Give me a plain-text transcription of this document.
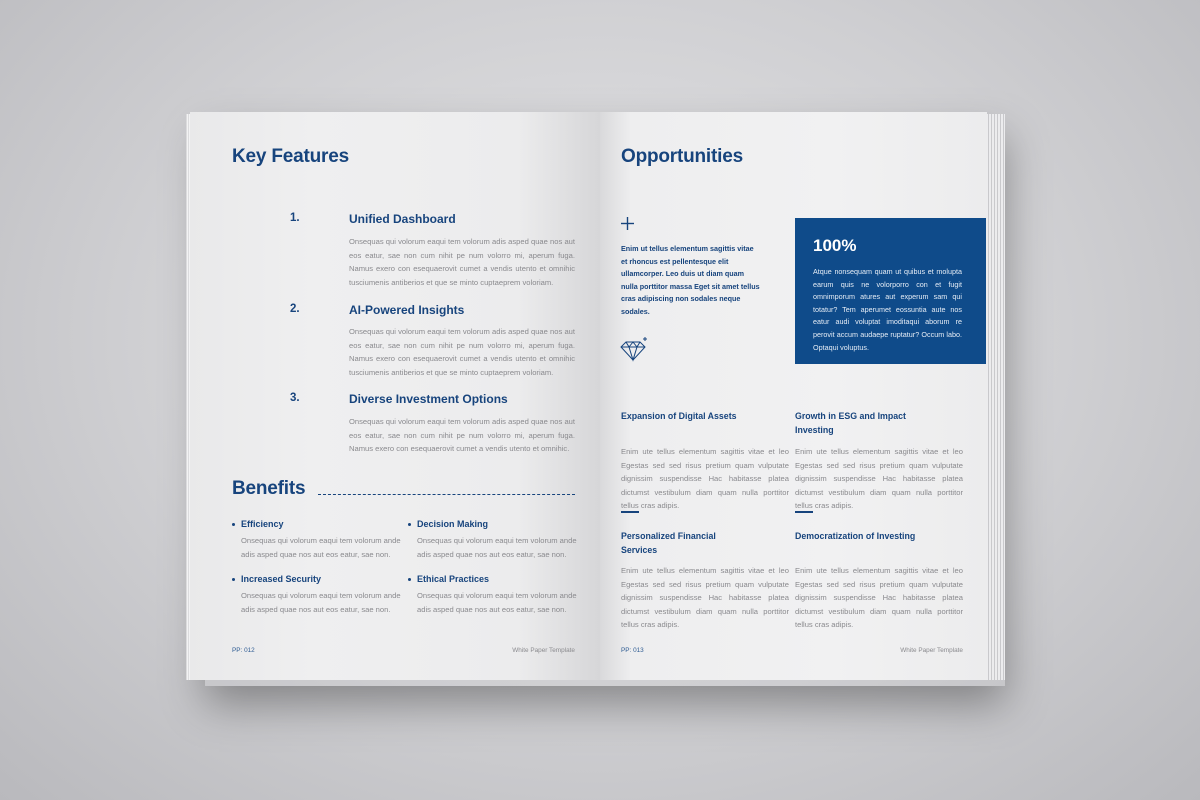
Key Features
1.	Unified Dashboard
Onsequas qui volorum eaqui tem volorum adis asped quae nos aut eos eatur, sae non cum nihit pe num volorro mi, aperum fuga. Namus exero con esequaerovit cumet a vendis utento et omnihic tusciumenis antiberios et que se minto cuptaeprem voloriam.
2.	AI-Powered Insights
Onsequas qui volorum eaqui tem volorum adis asped quae nos aut eos eatur, sae non cum nihit pe num volorro mi, aperum fuga. Namus exero con esequaerovit cumet a vendis utento et omnihic tusciumenis antiberios et que se minto cuptaeprem voloriam.
3.	Diverse Investment Options
Onsequas qui volorum eaqui tem volorum adis asped quae nos aut eos eatur, sae non cum nihit pe num volorro mi, aperum fuga. Namus exero con esequaerovit cumet a vendis utento et omnihic.
Benefits
Efficiency
Onsequas qui volorum eaqui tem volorum ande adis asped quae nos aut eos eatur, sae non.
Decision Making
Onsequas qui volorum eaqui tem volorum ande adis asped quae nos aut eos eatur, sae non.
Increased Security
Onsequas qui volorum eaqui tem volorum ande adis asped quae nos aut eos eatur, sae non.
Ethical Practices
Onsequas qui volorum eaqui tem volorum ande adis asped quae nos aut eos eatur, sae non.
PP: 012	White Paper Template
Opportunities
Enim ut tellus elementum sagittis vitae et rhoncus est pellentesque elit ullamcorper. Leo duis ut diam quam nulla porttitor massa Eget sit amet tellus cras adipiscing non sodales neque sodales.
100%
Atque nonsequam quam ut quibus et molupta earum quis ne volorporro con et fugit omnimporum atures aut experum sam qui totatur? Tem aperumet eossuntia aute nos eatur audi voluptat imoditaqui aborum re perovit accum audaepe ruptatur? Occum labo. Optaqui voluptus.
Expansion of Digital Assets
Enim ute tellus elementum sagittis vitae et leo Egestas sed sed risus pretium quam vulputate dignissim suspendisse Hac habitasse platea dictumst vestibulum diam quam nulla porttitor tellus cras adipis.
Growth in ESG and Impact Investing
Enim ute tellus elementum sagittis vitae et leo Egestas sed sed risus pretium quam vulputate dignissim suspendisse Hac habitasse platea dictumst vestibulum diam quam nulla porttitor tellus cras adipis.
Personalized Financial Services
Enim ute tellus elementum sagittis vitae et leo Egestas sed sed risus pretium quam vulputate dignissim suspendisse Hac habitasse platea dictumst vestibulum diam quam nulla porttitor tellus cras adipis.
Democratization of Investing
Enim ute tellus elementum sagittis vitae et leo Egestas sed sed risus pretium quam vulputate dignissim suspendisse Hac habitasse platea dictumst vestibulum diam quam nulla porttitor tellus cras adipis.
PP: 013	White Paper Template
